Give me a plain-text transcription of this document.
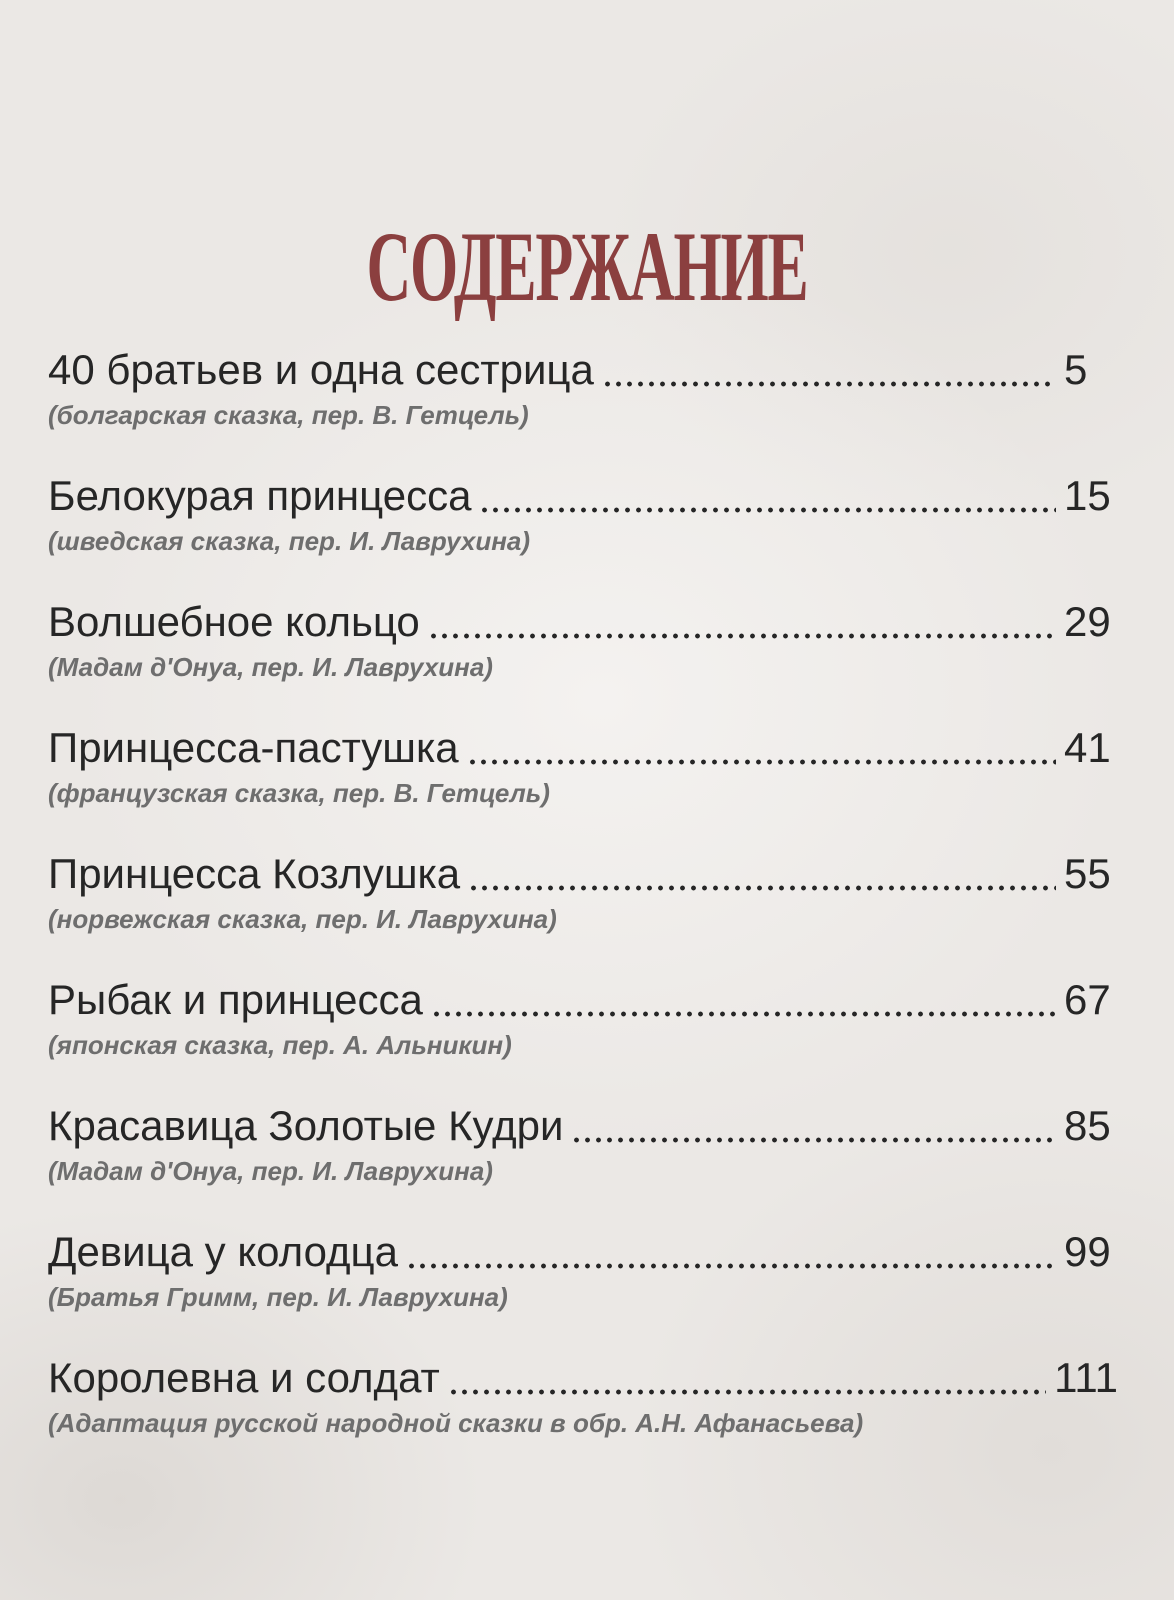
СОДЕРЖАНИЕ
40 братьев и одна сестрица	5
(болгарская сказка, пер. В. Гетцель)
Белокурая принцесса	15
(шведская сказка, пер. И. Лаврухина)
Волшебное кольцо	29
(Мадам д'Онуа, пер. И. Лаврухина)
Принцесса-пастушка	41
(французская сказка, пер. В. Гетцель)
Принцесса Козлушка	55
(норвежская сказка, пер. И. Лаврухина)
Рыбак и принцесса	67
(японская сказка, пер. А. Альникин)
Красавица Золотые Кудри	85
(Мадам д'Онуа, пер. И. Лаврухина)
Девица у колодца	99
(Братья Гримм, пер. И. Лаврухина)
Королевна и солдат	111
(Адаптация русской народной сказки в обр. А.Н. Афанасьева)
